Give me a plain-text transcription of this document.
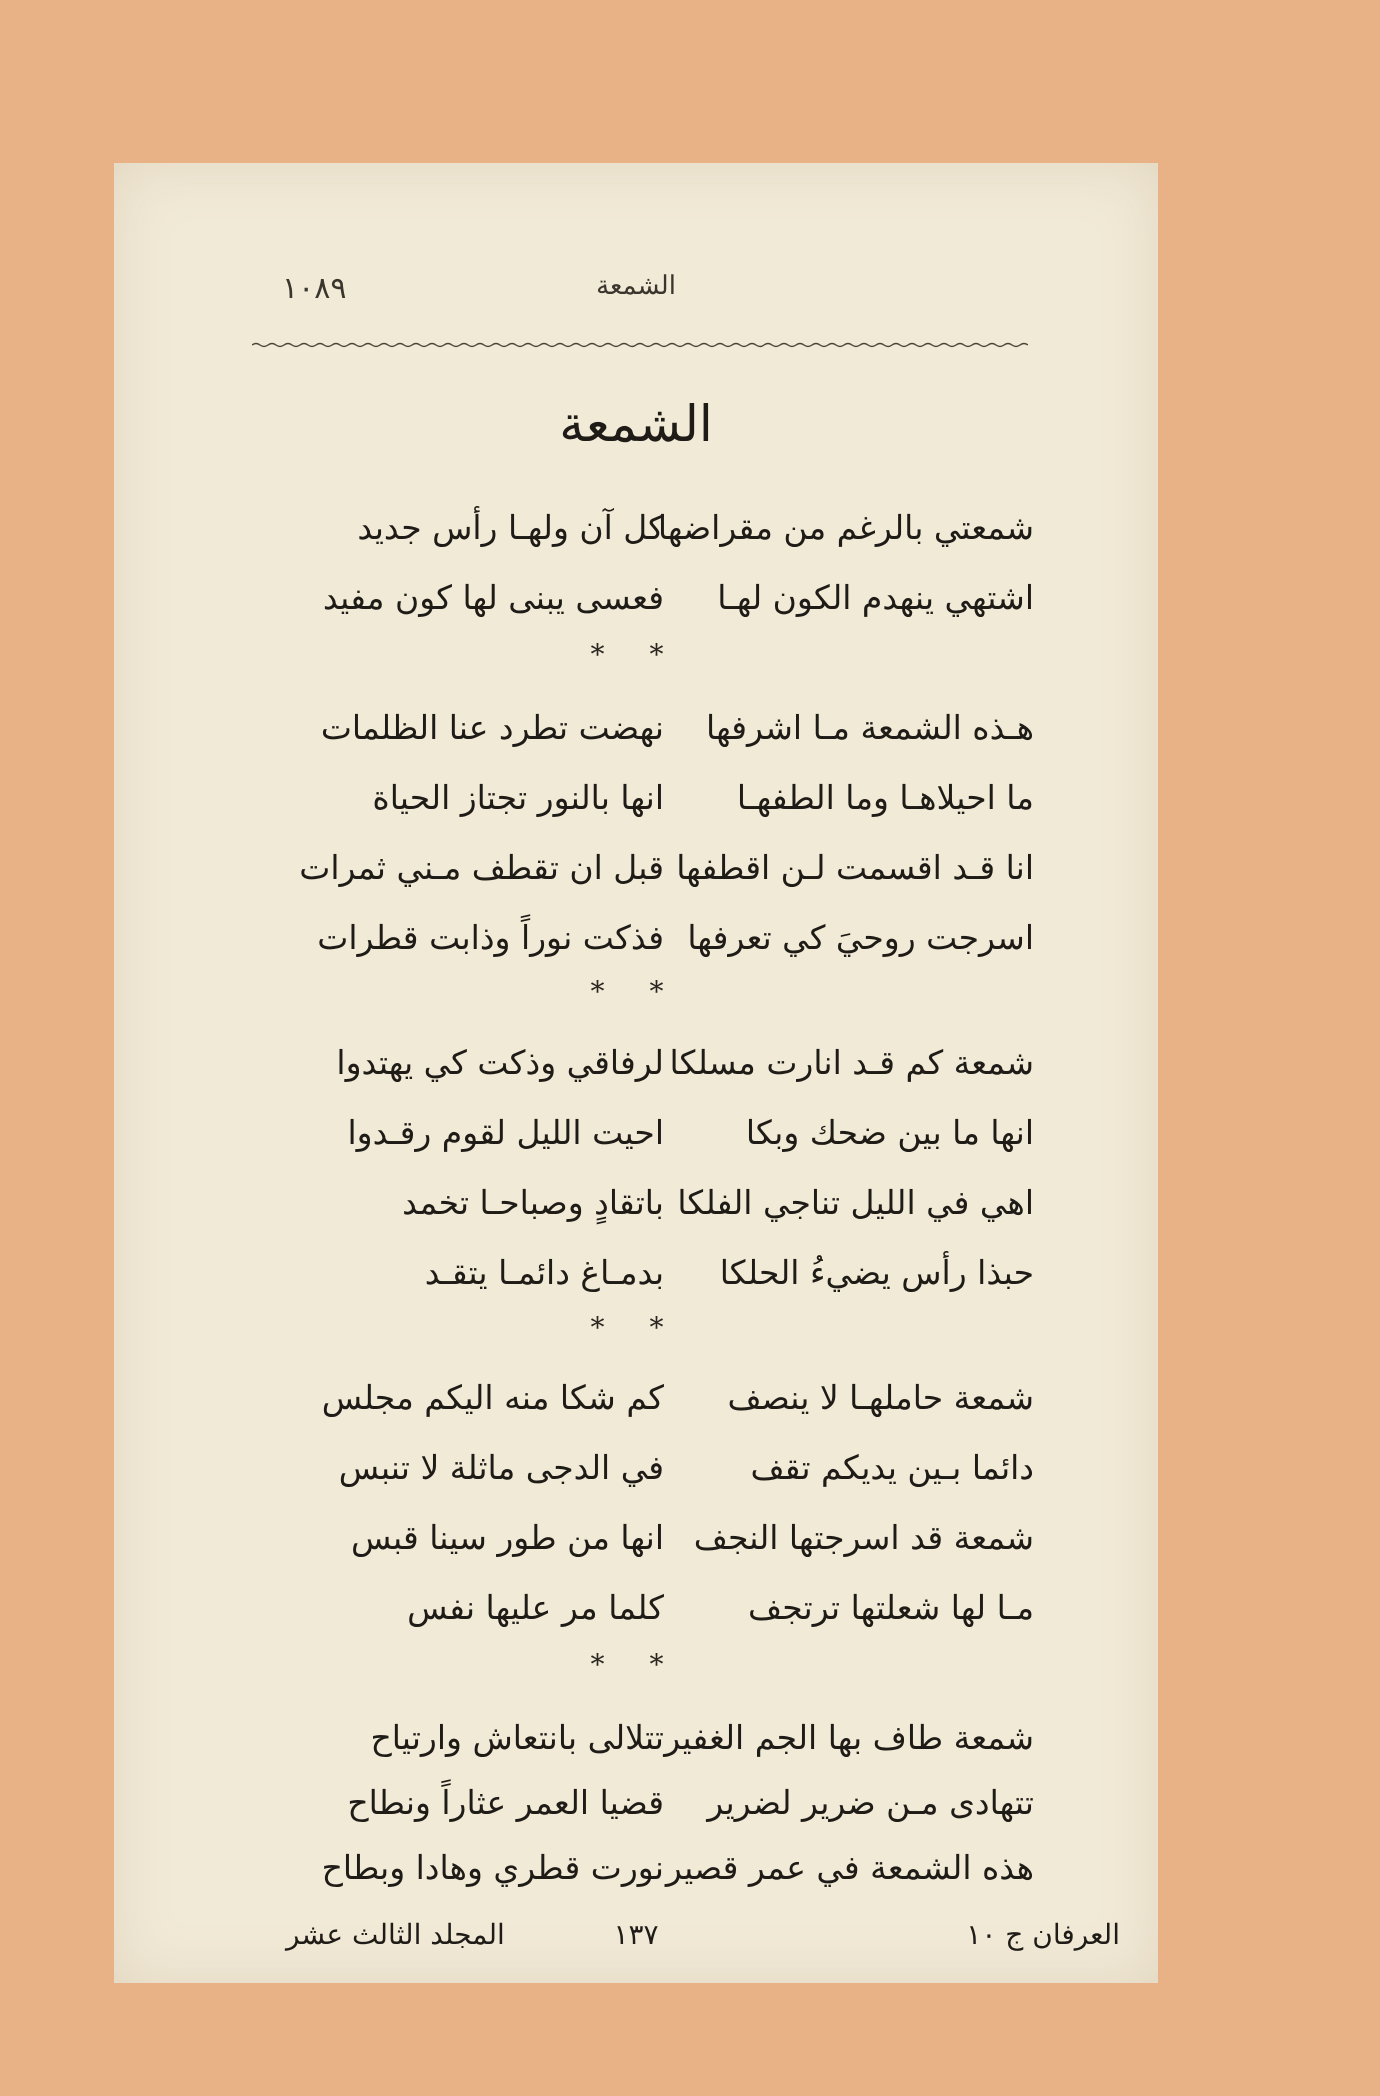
١٠٨٩	الشمعة
الشمعة
شمعتي بالرغم من مقراضها
كل آن ولهـا رأس جديد
اشتهي ينهدم الكون لهـا
فعسى يبنى لها كون مفيد
* *
هـذه الشمعة مـا اشرفها
نهضت تطرد عنا الظلمات
ما احيلاهـا وما الطفهـا
انها بالنور تجتاز الحياة
انا قـد اقسمت لـن اقطفها
قبل ان تقطف مـني ثمرات
اسرجت روحيَ كي تعرفها
فذكت نوراً وذابت قطرات
* *
شمعة كم قـد انارت مسلكا
لرفاقي وذكت كي يهتدوا
انها ما بين ضحك وبكا
احيت الليل لقوم رقـدوا
اهي في الليل تناجي الفلكا
باتقادٍ وصباحـا تخمد
حبذا رأس يضيءُ الحلكا
بدمـاغ دائمـا يتقـد
* *
شمعة حاملهـا لا ينصف
كم شكا منه اليكم مجلس
دائما بـين يديكم تقف
في الدجى ماثلة لا تنبس
شمعة قد اسرجتها النجف
انها من طور سينا قبس
مـا لها شعلتها ترتجف
كلما مر عليها نفس
* *
شمعة طاف بها الجم الغفير
تتلالى بانتعاش وارتياح
تتهادى مـن ضرير لضرير
قضيا العمر عثاراً ونطاح
هذه الشمعة في عمر قصير
نورت قطري وهادا وبطاح
العرفان ج ١٠
١٣٧
المجلد الثالث عشر
